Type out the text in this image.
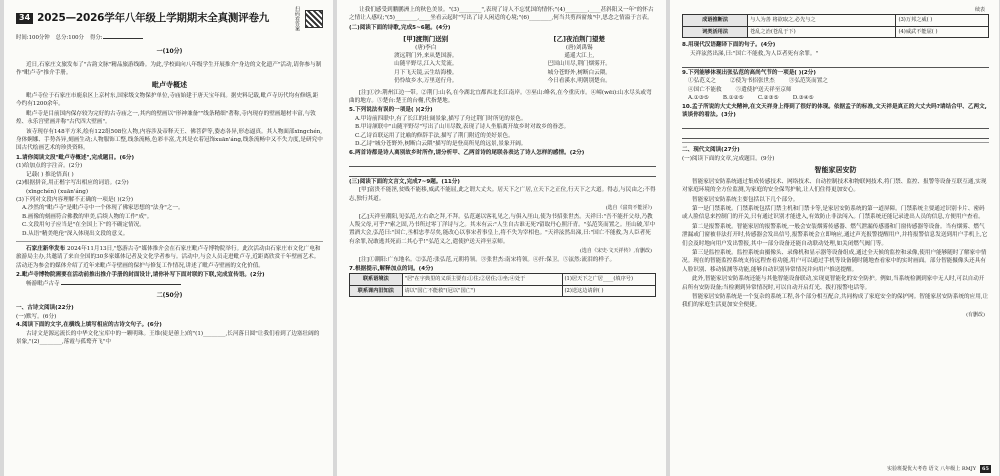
34 2025—2026学年八年级上学期期末全真测评卷九	扫码看答案
时间:100分钟 总分:100分 得分:
一(10分)

近日,石家庄文旅发布了"古韵文脉"精品旅游线路。为此,学校面向八年级学生开展推介"身边的文化遗产"活动,请你参与制作"毗卢寺"推介手册。

毗卢寺概述

毗卢寺位于石家庄市鹿泉区上京村东,国家级文物保护单位,寺庙始建于唐天宝年间。据史料记载,毗卢寺历代均有修缮,距今约有1200余年。

毗卢寺是目前国内保存较为完好的古寺庙之一,其内的壁画以"形神兼备""线条精细"著称,寺内现存的壁画题材丰富,与敦煌、永乐宫壁画并称"古代四大壁画"。

该寺现存有148平方米,绘有122组508位人物,内容涉及帝释天王、佛菩萨等,姿态各异,形态逼真。其人物面部xīngchén,身体婀娜、手势各异,刻画生动;人物服饰工整,线条流畅,色彩丰富,尤其是衣着冠饰xuān'áng,线条流畅中又不失力度,是研究中国古代绘画艺术的珍贵资料。

1.请你阅读文段"毗卢寺概述",完成题目。(6分)
(1)给加点的字注音。(2分)
记载( ) 推论悟真( )
(2)根据拼音,用正楷字写出相应的词语。(2分)
(xīngchén) (xuān'áng)
(3)下列对文段内容理解不正确的一项是( )(2分)
A.沙然的"毗卢寺"是毗卢寺中一个体现了佛家思想的"法身"之一。
B.画像的刻画符合佛教的审美,后续人物的工作"成"。
C.文段用句子应当是"在全国上下"的不确定情况。
D.从语"精美绝伦"深入体现出文段的意义。

石家庄新华发布 2024年11月13日,"悠游古寺"媒体推介会在石家庄毗卢寺博物院举行。此次活动由石家庄市文化广电和旅游局主办,共邀请了来自全国的30多家媒体记者及文化学者参与。活动中,与会人员走进毗卢寺,近距离欣赏千年壁画艺术。活动还为参会的媒体介绍了近年来毗卢寺壁画的保护与修复工作情况,讲述了毗卢寺壁画的文化价值。

2.毗卢寺博物院需要在活动前推出推介手册的封面设计,请你补写下面对联的下联,完成宣传语。(2分)
畅游毗卢古寺
二(50分)
一、古诗文阅读(22分)
(一)默写。(6分)
4.阅读下面的文字,在横线上填写相应的古诗文句子。(6分)

古诗文是源远流长的中华文化宝库中的一颗明珠。王维(徒是蕙上)的"(1)________,长河落日圆"让我们看到了边塞壮阔的景象,"(2)________,落霞与孤鹜齐飞"中

让我们感受到鹏鹏洲上的秋色美景。"(3)________",表现了诗人不忘忧国的情怀;"(4)________,____甚斜阳又一年"的怀古之情让人感叹;"(5)________,____坐看云起时"写出了诗人闲适的心境;"(6)________,何当共剪西窗烛"中,思念之情溢于言表。

(二)阅读下面的诗歌,完成5~6题。(4分)
[甲]渡荆门送别
(唐)李白
渡远荆门外,来从楚国游。
山随平野尽,江入大荒流。
月下飞天镜,云生结海楼。
仍怜故乡水,万里送行舟。
[乙]夜泊荆门望楚
(唐)刘禹锡
遥遥大江上,
巴国山川尽,荆门烟雾开。
城分苍野外,树断白云隈。
今日看溪水,明朝别楚台。

[注]①沙:荆州江边一带。②荆门:山名,在今湖北宜都西北长江南岸。③巫山:峰名,在今重庆市。④嶂(wēi):山水尽头或弯曲的地方。⑤楚台:楚王的台榭,代指楚地。

5.下列说法有误的一项是( )(2分)
A.甲诗前四联中,有了长江的壮阔景象,描写了舟过荆门时所见的景色。
B.甲诗颔联中"山随平野尽"写出了山川尽数,表现了诗人坐船离开故乡时对故乡的眷恋。
C.乙诗首联运用了比喻的修辞手法,描写了荆门附近的美好景色。
D.乙诗"城分苍野外,树断白云隈"描写的是登高所见的远景,景象开阔。
6.两首诗都是诗人离别故乡时所作,请分析甲、乙两首诗的尾联各表达了诗人怎样的感情。(2分)
(三)阅读下面的文言文,完成7~9题。(11分)

[甲]富贵不能淫,贫贱不能移,威武不能屈,此之谓大丈夫。居天下之广居,立天下之正位,行天下之大道。得志,与民由之;不得志,独行其道。

(选自《富贵不能淫》)

[乙]天祥至潮阳,见弘范,左右命之拜,不拜。弘范遂以客礼见之,与俱入厓山,使为书招张世杰。天祥曰:"吾不能扞父母,乃教人叛父母,可乎?"索之固,乃书所过零丁洋诗与之。其末有云:"人生自古谁无死?留取丹心照汗青。"弘范笑而置之。厓山破,军中置酒大会,弘范曰:"国亡,丞相忠孝尽矣,能改心以事宋者事皇上,将不失为宰相也。"天祥泫然出涕,曰:"国亡不能救,为人臣者死有余罪,况敢逃其死而二其心乎!"弘范义之,遣使护送天祥至京师。

(选自《宋史·文天祥传》,有删改)

[注]①潮阳:广东地名。②弘范:张弘范,元朝将领。③张世杰:南宋将领。④扞:保卫。⑤泫然:流泪的样子。

7.根据提示,解释加点的词。(4分)
联系语境法	"居"在字典里的义项主要有:①住;②居住;③坐;④处于	(1)居天下之广居____(填序号)
联系课内旧知法	请以"国亡不能救"(冠以"国亡")	(2)送这边请辞( )
续表
成语推断法	与人为善 将欲取之,必先与之	(3)万邦之威( )
词类活用法	苍乱之治(苍乱于下)	(4)威武不能屈( )
8.用现代汉语翻译下面的句子。(4分)
天祥泫然出涕,曰:"国亡不能救,为人臣者死有余罪。"
9.下列能够体现出张弘范的高尚气节的一项是( )(2分)
①弘范义之	②使为书招张世杰	③弘范笑而置之
④国亡不能救	⑤遣使护送天祥至京师
A.①③⑤	B.①②⑤	C.②③⑤	D.③④⑤
10.孟子所说的大丈夫精神,在文天祥身上得到了很好的体现。依据孟子的标准,文天祥是真正的大丈夫吗?请结合甲、乙两文,谈谈你的看法。(3分)
二、现代文阅读(27分)
(一)阅读下面的文章,完成题目。(9分)
智能家居安防

智能家居安防系统通过集成传感技术、网络技术、自动控制技术和物联网技术,将门禁、监控、报警等设备互联互通,实现对家庭环境的全方位监测,为家庭的安全保驾护航,让人们住得更加安心。

智能家居安防系统主要包括以下几个部分。

第一是门禁系统。门禁系统包括门禁主机和门禁卡等,是家居安防系统的第一道屏障。门禁系统主要通过识别卡片、密码或人脸信息来控制门的开关,只有通过识别才能进入,有效防止非法闯入。门禁系统还能记录进出人员的信息,方便用户查看。

第二是报警系统。智能家居的报警系统,一般会安装烟雾传感器、燃气泄漏传感器和门窗传感器等设备。当有烟雾、燃气泄漏或门窗被非法打开时,传感器会发出信号,报警系统会立即响应,通过声光报警提醒用户,并将报警信息发送到用户手机上,它们会及时地向用户发出警报,其中一部分设备还能自动联动处理,如关闭燃气阀门等。

第三是监控系统。监控系统由摄像头、录像机和显示器等设备组成,通过全天候的监控和录像,使用户能够随时了解家中情况。现在的智能监控系统支持远程查看功能,用户可以通过手机等设备随时随地查看家中的实时画面。部分智能摄像头还具有人脸识别、移动侦测等功能,能够自动识别异常情况并向用户推送提醒。

此外,智能家居安防系统还能与其他智能设备联动,实现更智能化的安全防护。例如,当系统检测到家中无人时,可以自动开启所有安防设备;当检测到异常情况时,可以自动开启灯光、拨打报警电话等。

智能家居安防系统是一个复杂的系统工程,各个部分相互配合,共同构成了家庭安全的保护网。智能家居安防系统的应用,让我们的家庭生活更加安全便捷。

(有删改)
实验班提优大考卷 语文 八年级上 RMJY	65
